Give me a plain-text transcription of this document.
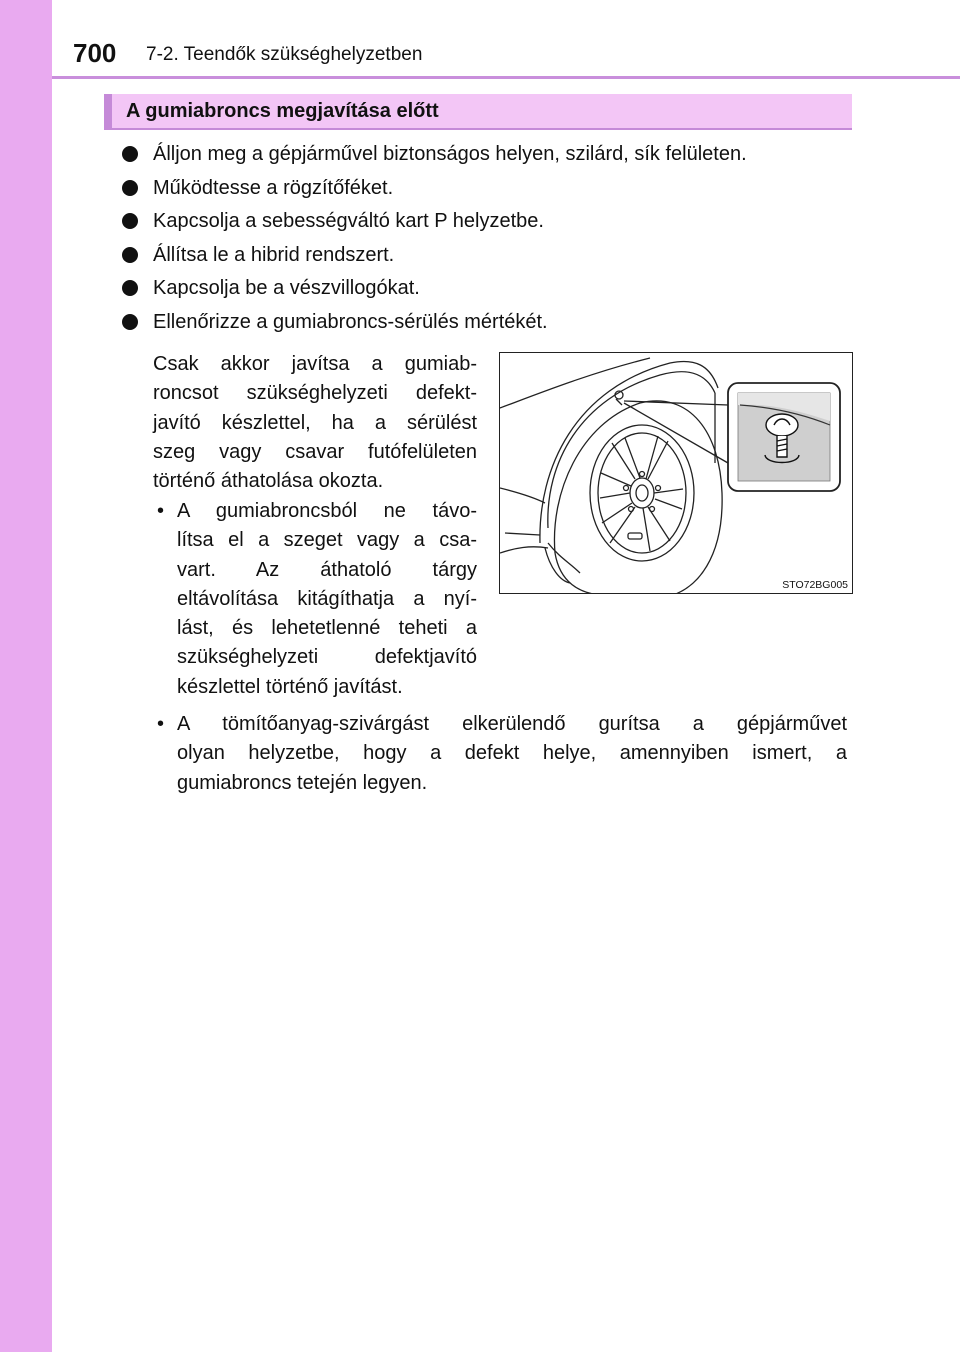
700 7-2. Teendők szükséghelyzetben
A gumiabroncs megjavítása előtt
Álljon meg a gépjárművel biztonságos helyen, szilárd, sík felületen.
Működtesse a rögzítőféket.
Kapcsolja a sebességváltó kart P helyzetbe.
Állítsa le a hibrid rendszert.
Kapcsolja be a vészvillogókat.
Ellenőrizze a gumiabroncs-sérülés mértékét.
Csak akkor javítsa a gumiab-
roncsot szükséghelyzeti defekt-
javító készlettel, ha a sérülést
szeg vagy csavar futófelületen
történő áthatolása okozta.
• A gumiabroncsból ne távo-
lítsa el a szeget vagy a csa-
vart. Az áthatoló tárgy
eltávolítása kitágíthatja a nyí-
lást, és lehetetlenné teheti a
szükséghelyzeti defektjavító
készlettel történő javítást.
• A tömítőanyag-szivárgást elkerülendő gurítsa a gépjárművet
olyan helyzetbe, hogy a defekt helye, amennyiben ismert, a
gumiabroncs tetején legyen.
STO72BG005
